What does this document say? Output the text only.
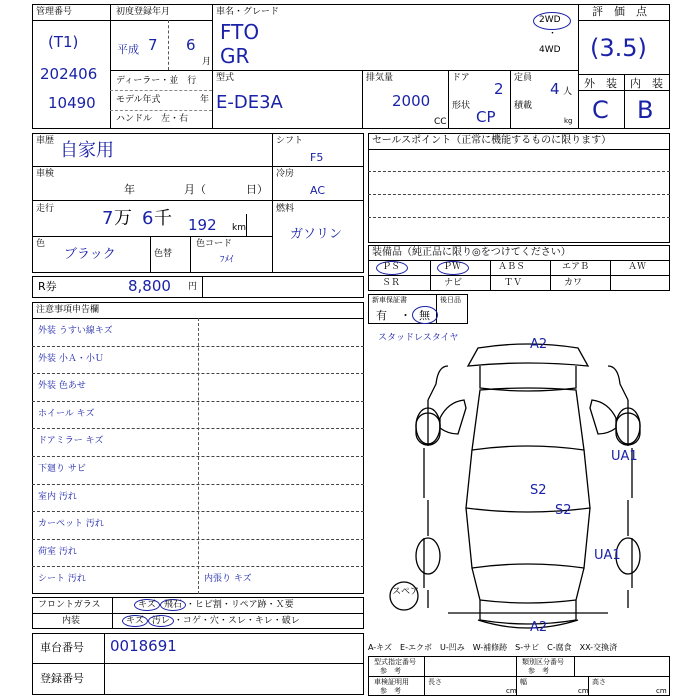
管理番号
(T1)
202406
10490
初度登録年月
平成 7 6
月
車名・グレード
FTO
GR
2WD
・
4WD
評　価　点
(3.5)
外　装 内　装
C B
ディーラー・並　行
モデル年式	年
ハンドル　左・右
型式
E-DE3A
排気量
2000
CC
ドア
2
形状
CP
定員
4 人
積載
kg
車歴 自家用	シフト
F5
車検
年	月（	日）
冷房
AC
走行	7 万 6 千 192 km
燃料
ガソリン
色
ブラック	色替
色コード
ﾌﾒｲ
R券	8,800 円
注意事項申告欄
外装 うすい線キズ
外装 小Ａ・小Ｕ
外装 色あせ
ホイール キズ
ドアミラー キズ
下廻り サビ
室内 汚れ
カーペット 汚れ
荷室 汚れ
シート 汚れ	内張り キズ
フロントガラス
内装
キズ 飛石 ・ヒビ割・リペア跡・Ｘ要
キズ 汚レ ・コゲ・穴・スレ・キレ・破レ
車台番号 0018691
登録番号
セールスポイント（正常に機能するものに限ります）
装備品（純正品に限り◎をつけてください）
ＰＳ	ＰＷ	ＡＢＳ	エアＢ	ＡＷ
ＳＲ	ナビ	ＴＶ	カワ
新車保証書
有 ・ 無
後日品
スタッドレスタイヤ	A2
UA1
S2
S2
UA1
A2
スペア
A-キズ　E-エクボ　U-凹み　W-補修跡　S-サビ　C-腐食　XX-交換済
型式指定番号
参　考
類別区分番号
参　考
車検証明用
参　考
長さ
cm
幅
cm
高さ
cm
